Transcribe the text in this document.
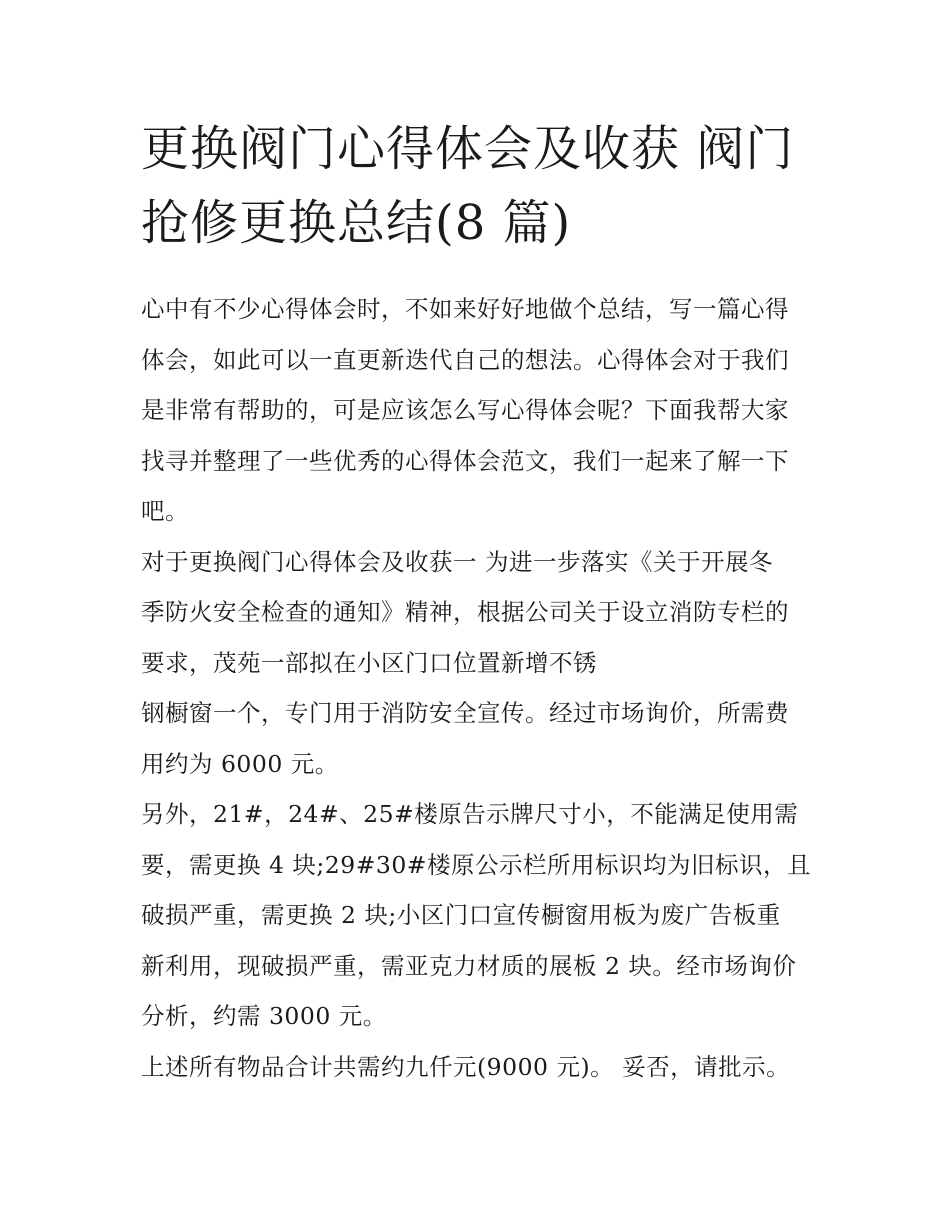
更换阀门心得体会及收获 阀门
抢修更换总结(8 篇)

心中有不少心得体会时，不如来好好地做个总结，写一篇心得
体会，如此可以一直更新迭代自己的想法。心得体会对于我们
是非常有帮助的，可是应该怎么写心得体会呢？下面我帮大家
找寻并整理了一些优秀的心得体会范文，我们一起来了解一下
吧。

对于更换阀门心得体会及收获一 为进一步落实《关于开展冬
季防火安全检查的通知》精神，根据公司关于设立消防专栏的
要求，茂苑一部拟在小区门口位置新增不锈

钢橱窗一个，专门用于消防安全宣传。经过市场询价，所需费
用约为 6000 元。

另外，21#，24#、25#楼原告示牌尺寸小，不能满足使用需
要，需更换 4 块;29#30#楼原公示栏所用标识均为旧标识，且
破损严重，需更换 2 块;小区门口宣传橱窗用板为废广告板重
新利用，现破损严重，需亚克力材质的展板 2 块。经市场询价
分析，约需 3000 元。

上述所有物品合计共需约九仟元(9000 元)。 妥否，请批示。
